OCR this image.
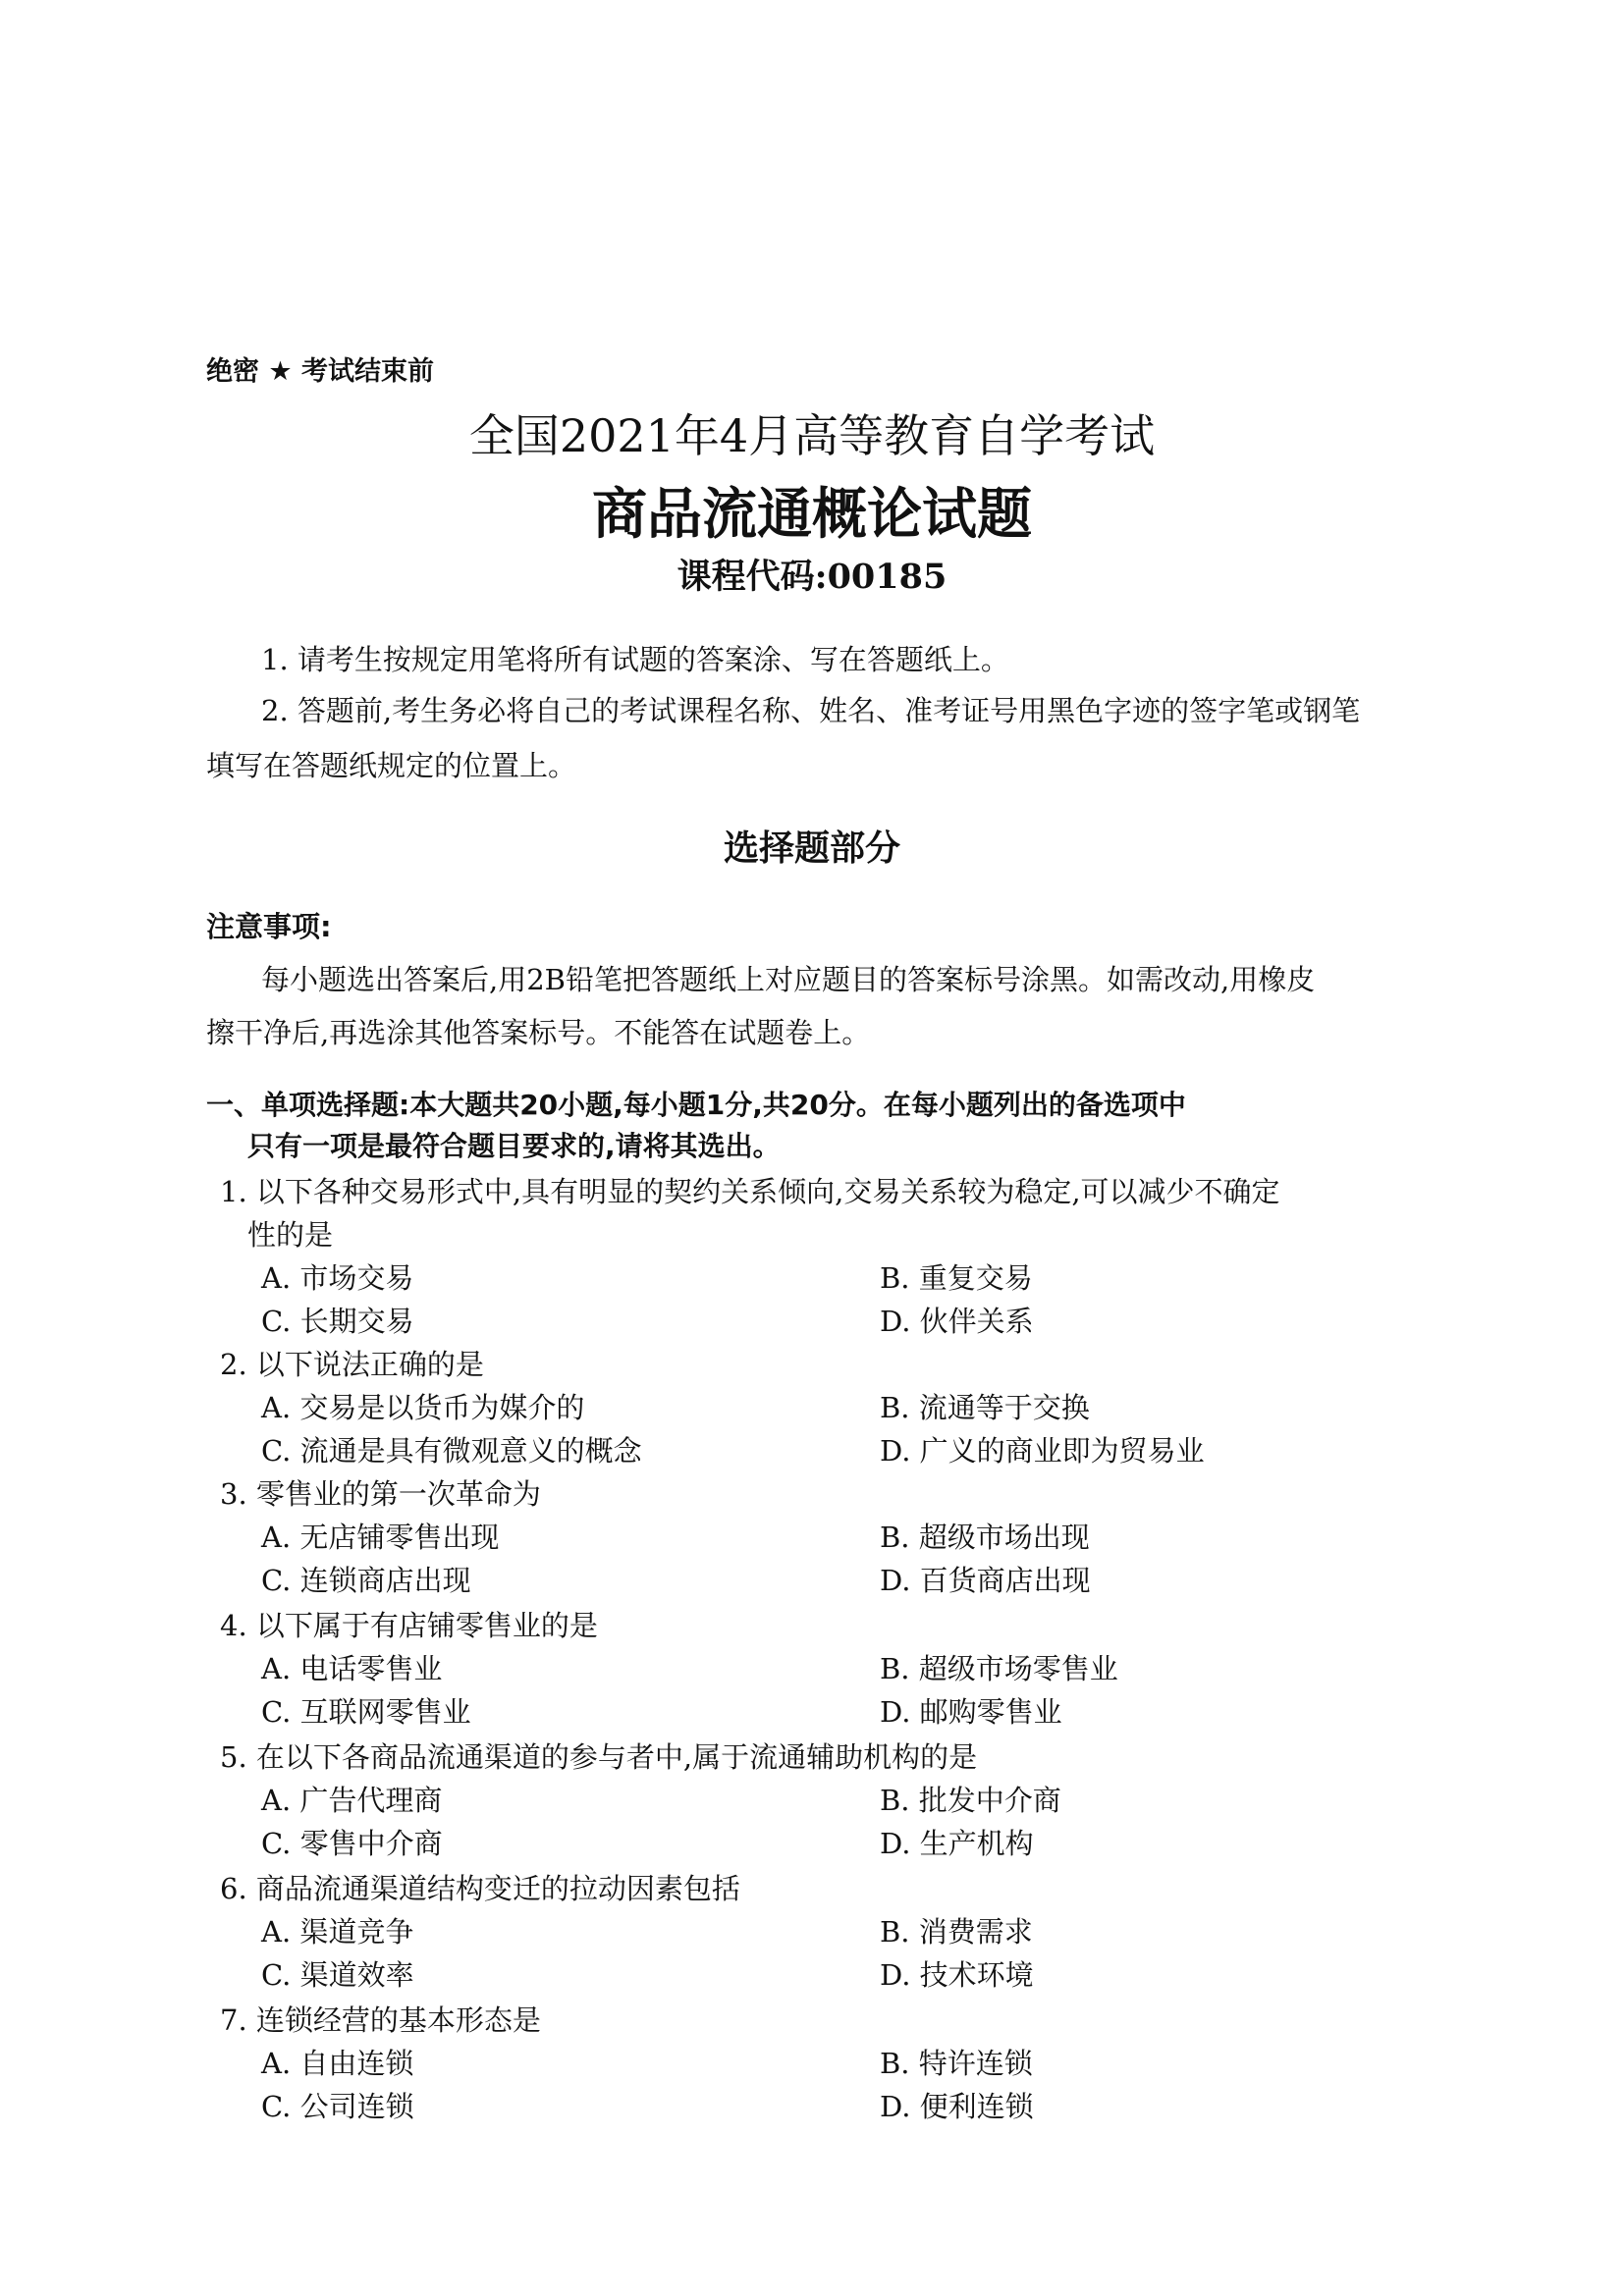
绝密 ★ 考试结束前
全国2021年4月高等教育自学考试
商品流通概论试题
课程代码:00185
1. 请考生按规定用笔将所有试题的答案涂、写在答题纸上。
2. 答题前,考生务必将自己的考试课程名称、姓名、准考证号用黑色字迹的签字笔或钢笔
填写在答题纸规定的位置上。
选择题部分
注意事项:
每小题选出答案后,用2B铅笔把答题纸上对应题目的答案标号涂黑。如需改动,用橡皮
擦干净后,再选涂其他答案标号。不能答在试题卷上。
一、单项选择题:本大题共20小题,每小题1分,共20分。在每小题列出的备选项中
只有一项是最符合题目要求的,请将其选出。
1. 以下各种交易形式中,具有明显的契约关系倾向,交易关系较为稳定,可以减少不确定
性的是
A. 市场交易	B. 重复交易
C. 长期交易	D. 伙伴关系
2. 以下说法正确的是
A. 交易是以货币为媒介的	B. 流通等于交换
C. 流通是具有微观意义的概念	D. 广义的商业即为贸易业
3. 零售业的第一次革命为
A. 无店铺零售出现	B. 超级市场出现
C. 连锁商店出现	D. 百货商店出现
4. 以下属于有店铺零售业的是
A. 电话零售业	B. 超级市场零售业
C. 互联网零售业	D. 邮购零售业
5. 在以下各商品流通渠道的参与者中,属于流通辅助机构的是
A. 广告代理商	B. 批发中介商
C. 零售中介商	D. 生产机构
6. 商品流通渠道结构变迁的拉动因素包括
A. 渠道竞争	B. 消费需求
C. 渠道效率	D. 技术环境
7. 连锁经营的基本形态是
A. 自由连锁	B. 特许连锁
C. 公司连锁	D. 便利连锁
